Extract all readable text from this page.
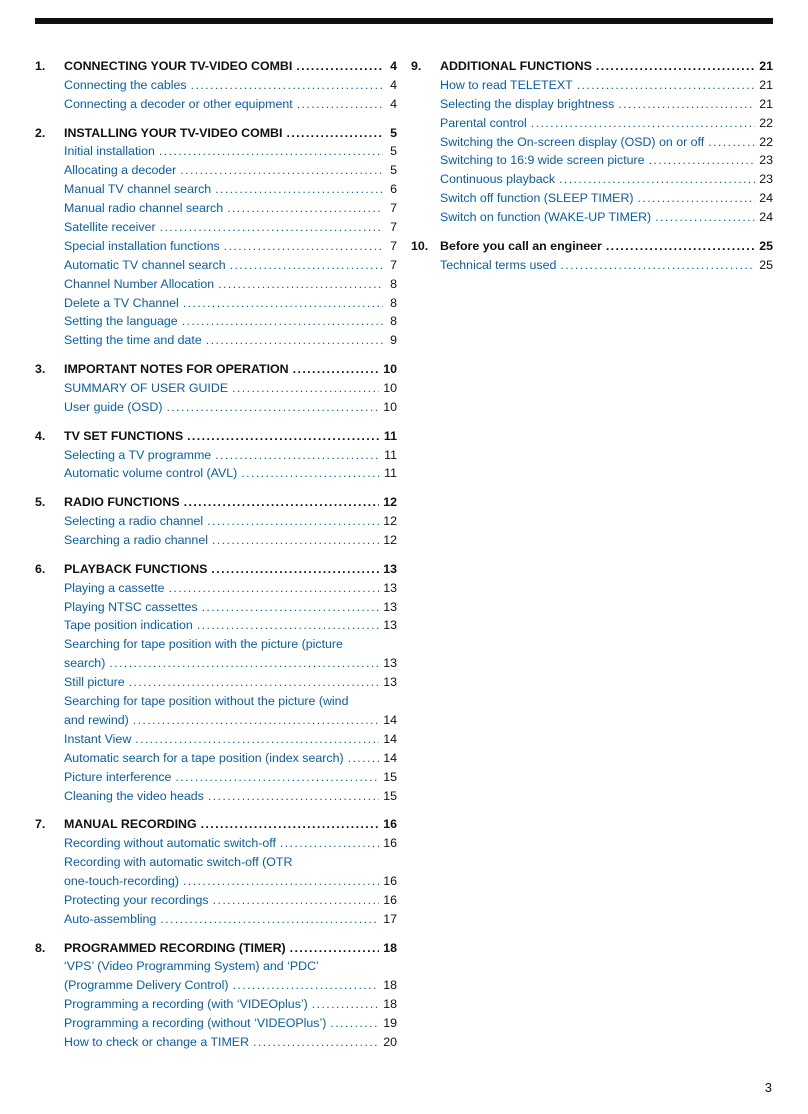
1.	CONNECTING YOUR TV-VIDEO COMBI .....	4
Connecting the cables .....	4
Connecting a decoder or other equipment .....	4
2.	INSTALLING YOUR TV-VIDEO COMBI .....	5
Initial installation .....	5
Allocating a decoder .....	5
Manual TV channel search .....	6
Manual radio channel search .....	7
Satellite receiver .....	7
Special installation functions .....	7
Automatic TV channel search .....	7
Channel Number Allocation .....	8
Delete a TV Channel .....	8
Setting the language .....	8
Setting the time and date .....	9
3.	IMPORTANT NOTES FOR OPERATION .....	10
SUMMARY OF USER GUIDE .....	10
User guide (OSD) .....	10
4.	TV SET FUNCTIONS .....	11
Selecting a TV programme .....	11
Automatic volume control (AVL) .....	11
5.	RADIO FUNCTIONS .....	12
Selecting a radio channel .....	12
Searching a radio channel .....	12
6.	PLAYBACK FUNCTIONS .....	13
Playing a cassette .....	13
Playing NTSC cassettes .....	13
Tape position indication .....	13
Searching for tape position with the picture (picture
search) .....	13
Still picture .....	13
Searching for tape position without the picture (wind
and rewind) .....	14
Instant View .....	14
Automatic search for a tape position (index search) .....	14
Picture interference .....	15
Cleaning the video heads .....	15
7.	MANUAL RECORDING .....	16
Recording without automatic switch-off .....	16
Recording with automatic switch-off (OTR
one-touch-recording) .....	16
Protecting your recordings .....	16
Auto-assembling .....	17
8.	PROGRAMMED RECORDING (TIMER) .....	18
‘VPS’ (Video Programming System) and ‘PDC’
(Programme Delivery Control) .....	18
Programming a recording (with ‘VIDEOplus’) .....	18
Programming a recording (without ‘VIDEOPlus’) .....	19
How to check or change a TIMER .....	20
9.	ADDITIONAL FUNCTIONS .....	21
How to read TELETEXT .....	21
Selecting the display brightness .....	21
Parental control .....	22
Switching the On-screen display (OSD) on or off .....	22
Switching to 16:9 wide screen picture .....	23
Continuous playback .....	23
Switch off function (SLEEP TIMER) .....	24
Switch on function (WAKE-UP TIMER) .....	24
10. Before you call an engineer .....	25
Technical terms used .....	25
3
